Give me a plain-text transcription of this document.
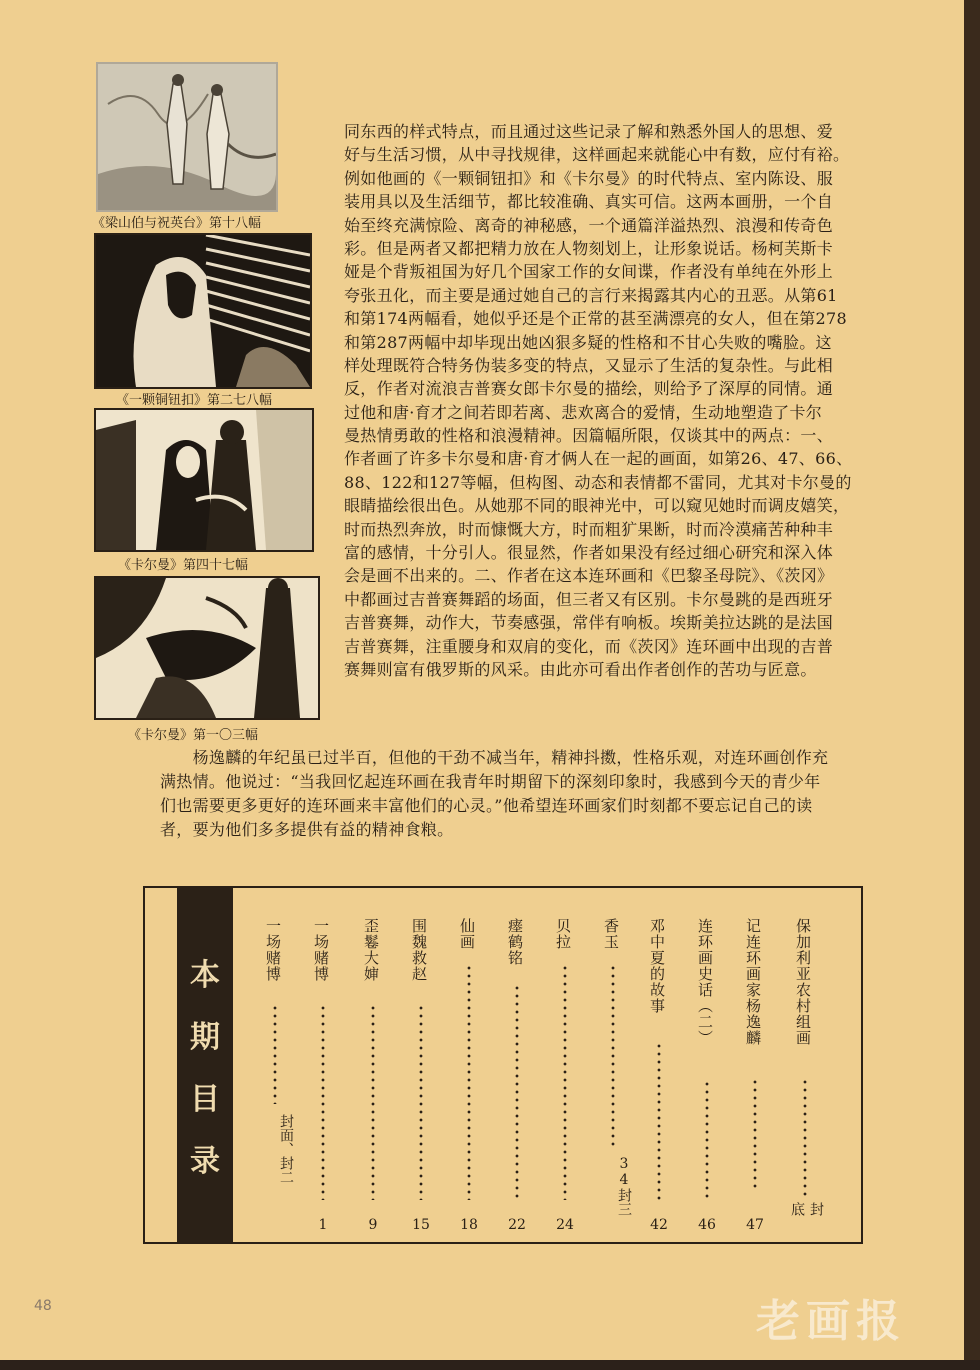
《梁山伯与祝英台》第十八幅
《一颗铜钮扣》第二七八幅
《卡尔曼》第四十七幅
《卡尔曼》第一〇三幅
同东西的样式特点，而且通过这些记录了解和熟悉外国人的思想、爱
好与生活习惯，从中寻找规律，这样画起来就能心中有数，应付有裕。
例如他画的《一颗铜钮扣》和《卡尔曼》的时代特点、室内陈设、服
装用具以及生活细节，都比较准确、真实可信。这两本画册，一个自
始至终充满惊险、离奇的神秘感，一个通篇洋溢热烈、浪漫和传奇色
彩。但是两者又都把精力放在人物刻划上，让形象说话。杨柯芙斯卡
娅是个背叛祖国为好几个国家工作的女间谍，作者没有单纯在外形上
夸张丑化，而主要是通过她自己的言行来揭露其内心的丑恶。从第61
和第174两幅看，她似乎还是个正常的甚至满漂亮的女人，但在第278
和第287两幅中却毕现出她凶狠多疑的性格和不甘心失败的嘴脸。这
样处理既符合特务伪装多变的特点，又显示了生活的复杂性。与此相
反，作者对流浪吉普赛女郎卡尔曼的描绘，则给予了深厚的同情。通
过他和唐·育才之间若即若离、悲欢离合的爱情，生动地塑造了卡尔
曼热情勇敢的性格和浪漫精神。因篇幅所限，仅谈其中的两点：一、
作者画了许多卡尔曼和唐·育才俩人在一起的画面，如第26、47、66、
88、122和127等幅，但构图、动态和表情都不雷同，尤其对卡尔曼的
眼睛描绘很出色。从她那不同的眼神光中，可以窥见她时而调皮嬉笑，
时而热烈奔放，时而慷慨大方，时而粗犷果断，时而冷漠痛苦种种丰
富的感情，十分引人。很显然，作者如果没有经过细心研究和深入体
会是画不出来的。二、作者在这本连环画和《巴黎圣母院》、《茨冈》
中都画过吉普赛舞蹈的场面，但三者又有区别。卡尔曼跳的是西班牙
吉普赛舞，动作大，节奏感强，常伴有响板。埃斯美拉达跳的是法国
吉普赛舞，注重腰身和双肩的变化，而《茨冈》连环画中出现的吉普
赛舞则富有俄罗斯的风采。由此亦可看出作者创作的苦功与匠意。
　　杨逸麟的年纪虽已过半百，但他的干劲不减当年，精神抖擞，性格乐观，对连环画创作充
满热情。他说过：“当我回忆起连环画在我青年时期留下的深刻印象时，我感到今天的青少年
们也需要更多更好的连环画来丰富他们的心灵。”他希望连环画家们时刻都不要忘记自己的读
者，要为他们多多提供有益的精神食粮。
本
期
目
录
保加利亚农村组画
封底
记连环画家杨逸麟
47
连环画史话（二）
46
邓中夏的故事
42
香玉
34封三
贝拉
24
瘗鹤铭
22
仙画
18
围魏救赵
15
歪鬈大婶
9
一场赌博
1
一场赌博
封面、封二
48	老画报
